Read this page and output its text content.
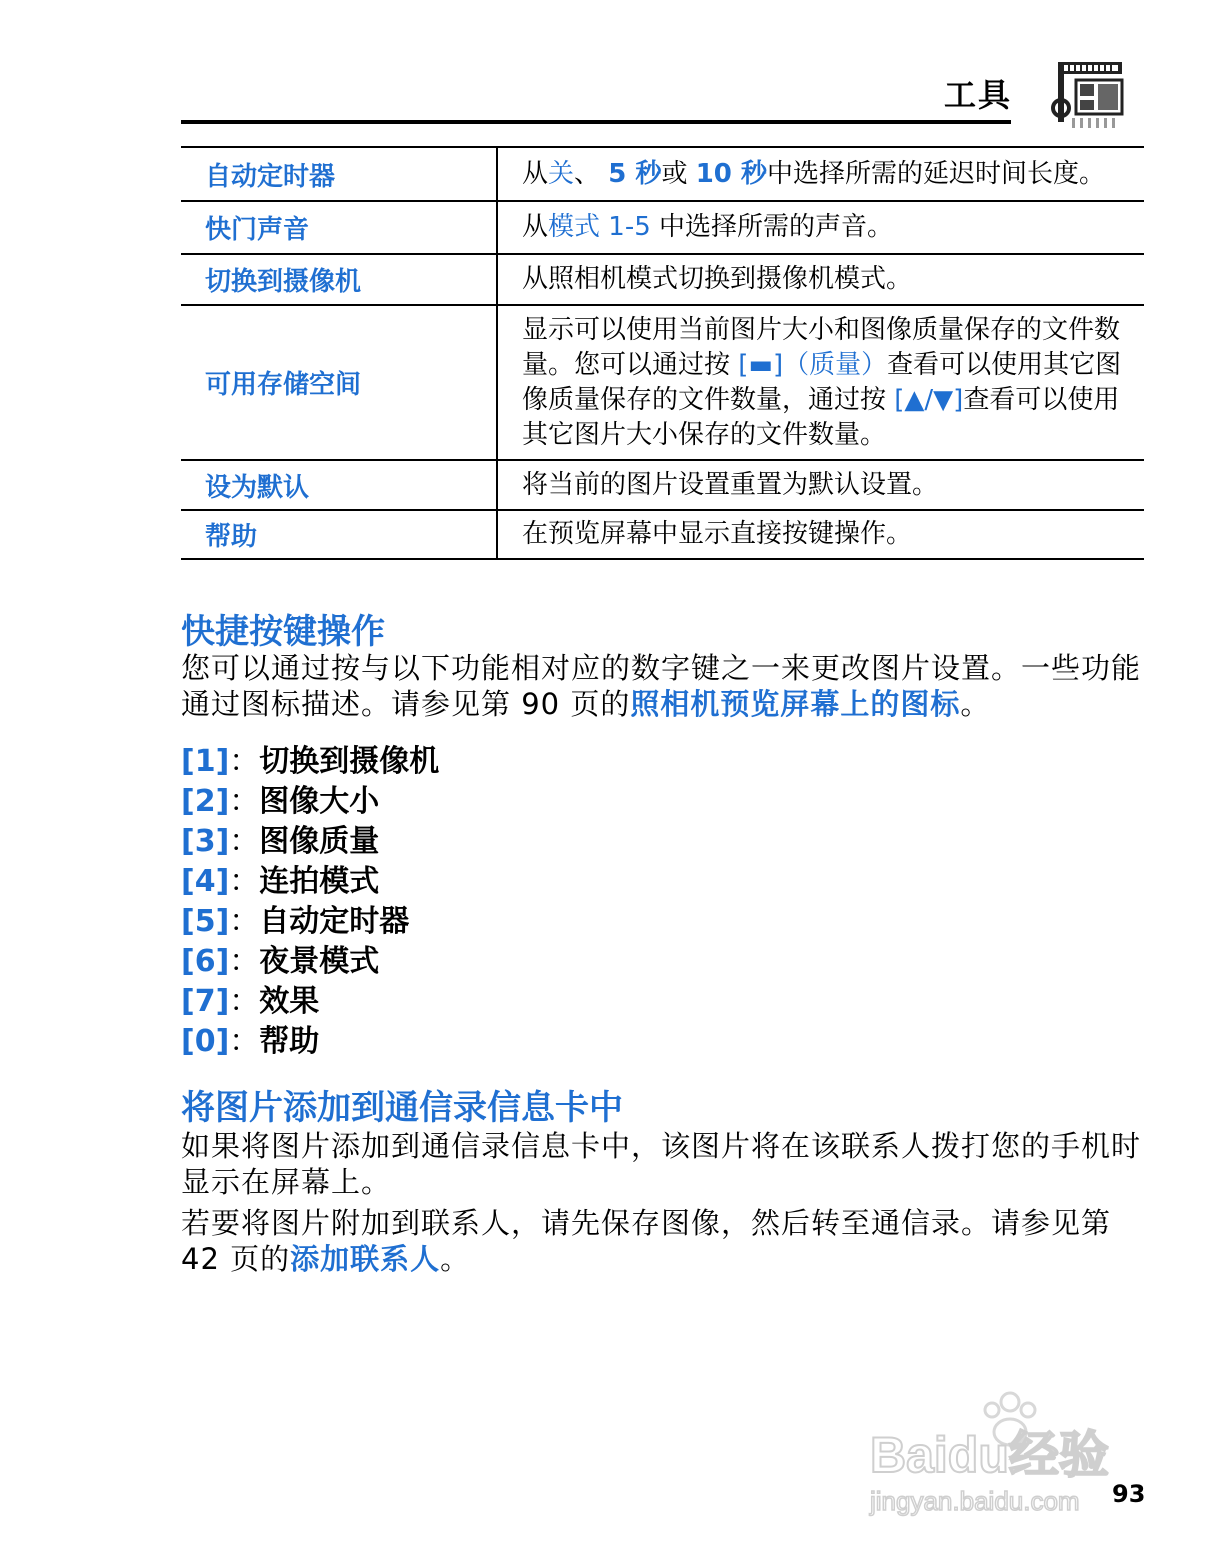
工具
自动定时器	从关、 5 秒或 10 秒中选择所需的延迟时间长度。
快门声音	从模式 1-5 中选择所需的声音。
切换到摄像机	从照相机模式切换到摄像机模式。
可用存储空间	显示可以使用当前图片大小和图像质量保存的文件数量。您可以通过按 [▬]（质量）查看可以使用其它图像质量保存的文件数量，通过按 [▲/▼]查看可以使用其它图片大小保存的文件数量。
设为默认	将当前的图片设置重置为默认设置。
帮助	在预览屏幕中显示直接按键操作。
快捷按键操作
您可以通过按与以下功能相对应的数字键之一来更改图片设置。一些功能通过图标描述。请参见第 90 页的照相机预览屏幕上的图标。
[1]：切换到摄像机
[2]：图像大小
[3]：图像质量
[4]：连拍模式
[5]：自动定时器
[6]：夜景模式
[7]：效果
[0]：帮助
将图片添加到通信录信息卡中
如果将图片添加到通信录信息卡中，该图片将在该联系人拨打您的手机时显示在屏幕上。
若要将图片附加到联系人，请先保存图像，然后转至通信录。请参见第 42 页的添加联系人。
Baidu经验
jingyan.baidu.com 93
